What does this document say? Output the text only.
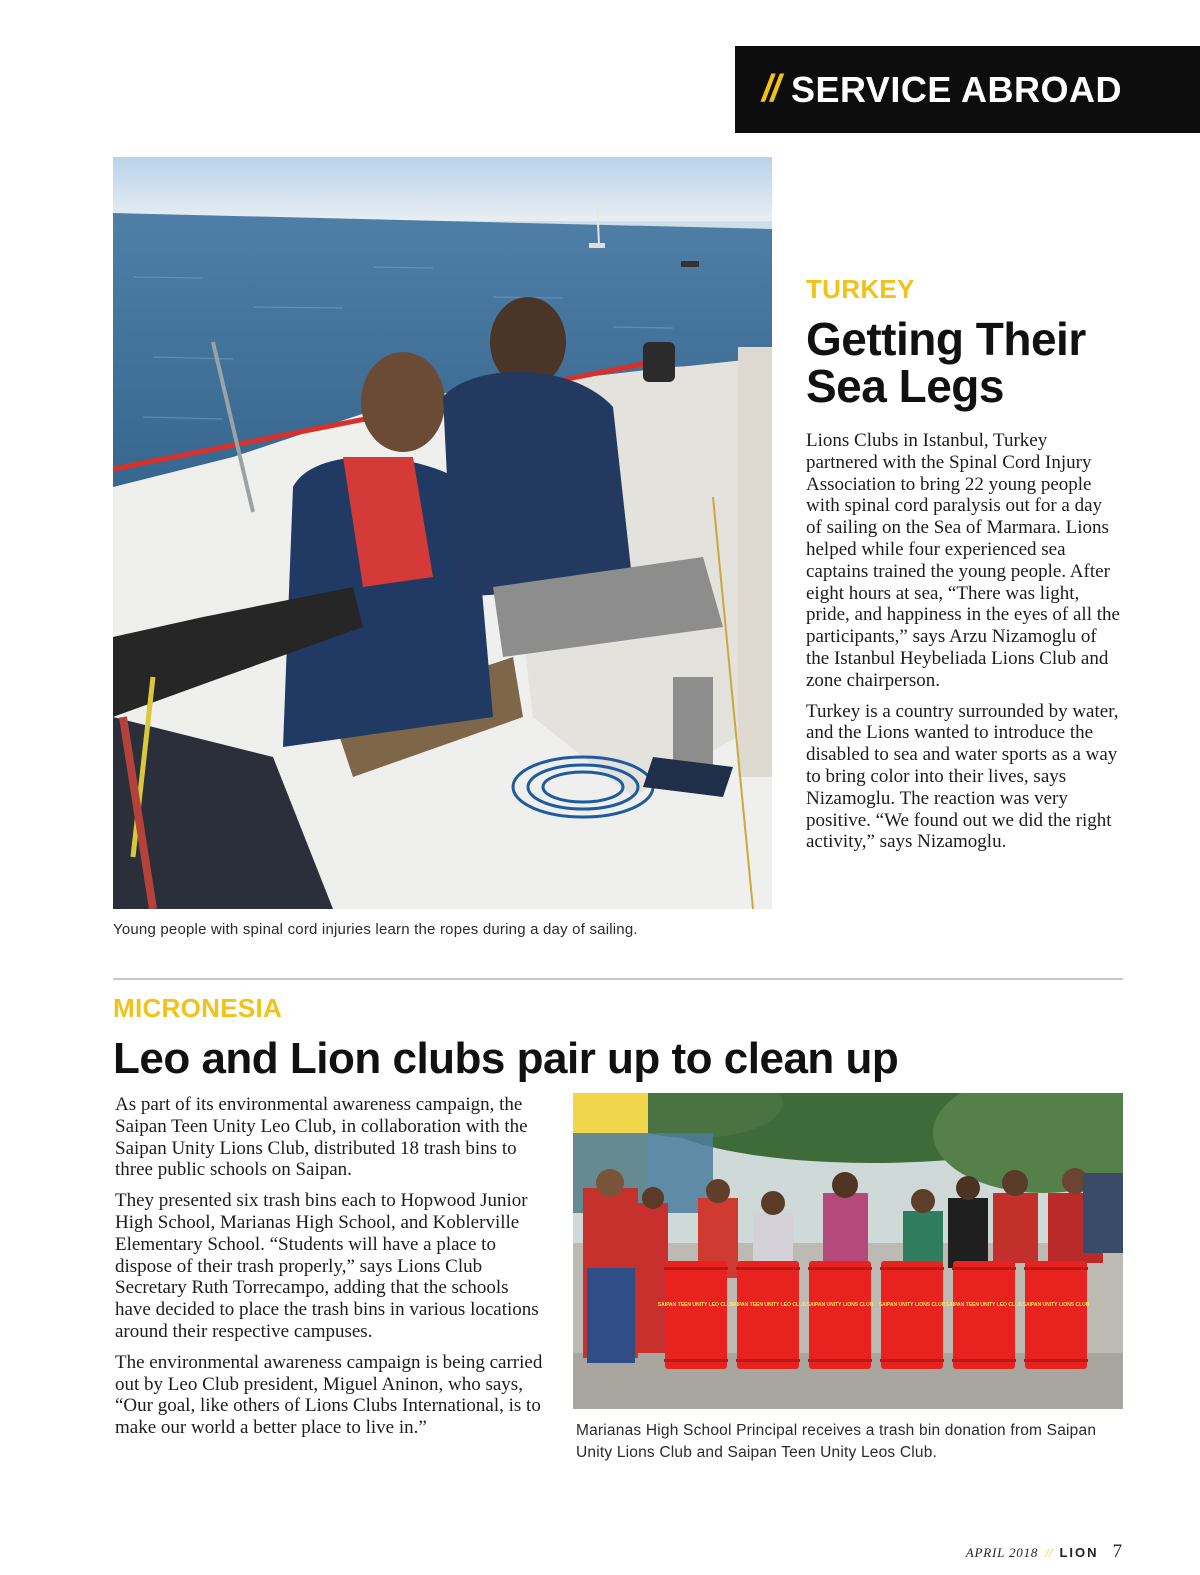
// SERVICE ABROAD
Young people with spinal cord injuries learn the ropes during a day of sailing.
TURKEY
Getting Their
Sea Legs

Lions Clubs in Istanbul, Turkey partnered with the Spinal Cord Injury Association to bring 22 young people with spinal cord paralysis out for a day of sailing on the Sea of Marmara. Lions helped while four experienced sea captains trained the young people. After eight hours at sea, “There was light, pride, and happiness in the eyes of all the participants,” says Arzu Nizamoglu of the Istanbul Heybeliada Lions Club and zone chairperson.

Turkey is a country surrounded by water, and the Lions wanted to introduce the disabled to sea and water sports as a way to bring color into their lives, says Nizamoglu. The reaction was very positive. “We found out we did the right activity,” says Nizamoglu.

MICRONESIA
Leo and Lion clubs pair up to clean up

As part of its environmental awareness campaign, the Saipan Teen Unity Leo Club, in collaboration with the Saipan Unity Lions Club, distributed 18 trash bins to three public schools on Saipan.

They presented six trash bins each to Hopwood Junior High School, Marianas High School, and Koblerville Elementary School. “Students will have a place to dispose of their trash properly,” says Lions Club Secretary Ruth Torrecampo, adding that the schools have decided to place the trash bins in various locations around their respective campuses.

The environmental awareness campaign is being carried out by Leo Club president, Miguel Aninon, who says, “Our goal, like others of Lions Clubs International, is to make our world a better place to live in.”

SAIPAN TEEN UNITY LEO CLUB
SAIPAN TEEN UNITY LEO CLUB SAIPAN UNITY LIONS CLUB SAIPAN UNITY LIONS CLUB SAIPAN TEEN UNITY LEO CLUB SAIPAN UNITY LIONS CLUB
Marianas High School Principal receives a trash bin donation from Saipan Unity Lions Club and Saipan Teen Unity Leos Club.
APRIL 2018 // LION 7
